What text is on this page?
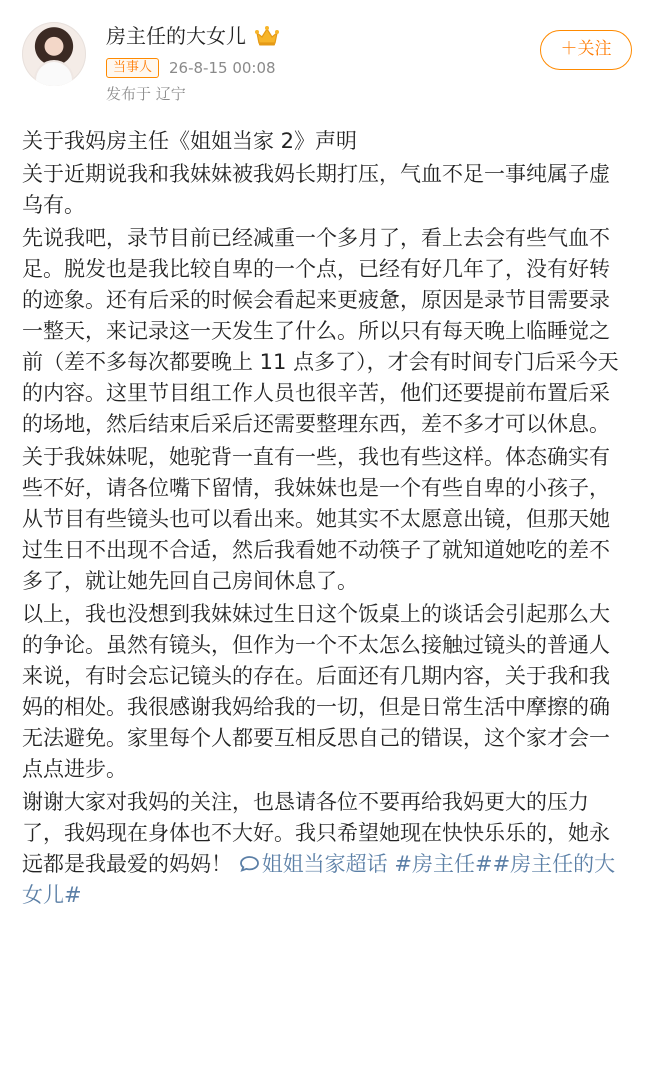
房主任的大女儿
当事人	26-8-15 00:08
发布于 辽宁
＋关注

关于我妈房主任《姐姐当家 2》声明

关于近期说我和我妹妹被我妈长期打压，气血不足一事纯属子虚乌有。

先说我吧，录节目前已经减重一个多月了，看上去会有些气血不足。脱发也是我比较自卑的一个点，已经有好几年了，没有好转的迹象。还有后采的时候会看起来更疲惫，原因是录节目需要录一整天，来记录这一天发生了什么。所以只有每天晚上临睡觉之前（差不多每次都要晚上 11 点多了），才会有时间专门后采今天的内容。这里节目组工作人员也很辛苦，他们还要提前布置后采的场地，然后结束后采后还需要整理东西，差不多才可以休息。

关于我妹妹呢，她驼背一直有一些，我也有些这样。体态确实有些不好，请各位嘴下留情，我妹妹也是一个有些自卑的小孩子，从节目有些镜头也可以看出来。她其实不太愿意出镜，但那天她过生日不出现不合适，然后我看她不动筷子了就知道她吃的差不多了，就让她先回自己房间休息了。

以上，我也没想到我妹妹过生日这个饭桌上的谈话会引起那么大的争论。虽然有镜头，但作为一个不太怎么接触过镜头的普通人来说，有时会忘记镜头的存在。后面还有几期内容，关于我和我妈的相处。我很感谢我妈给我的一切，但是日常生活中摩擦的确无法避免。家里每个人都要互相反思自己的错误，这个家才会一点点进步。

谢谢大家对我妈的关注，也恳请各位不要再给我妈更大的压力了，我妈现在身体也不大好。我只希望她现在快快乐乐的，她永远都是我最爱的妈妈！ 姐姐当家超话 #房主任##房主任的大女儿#
